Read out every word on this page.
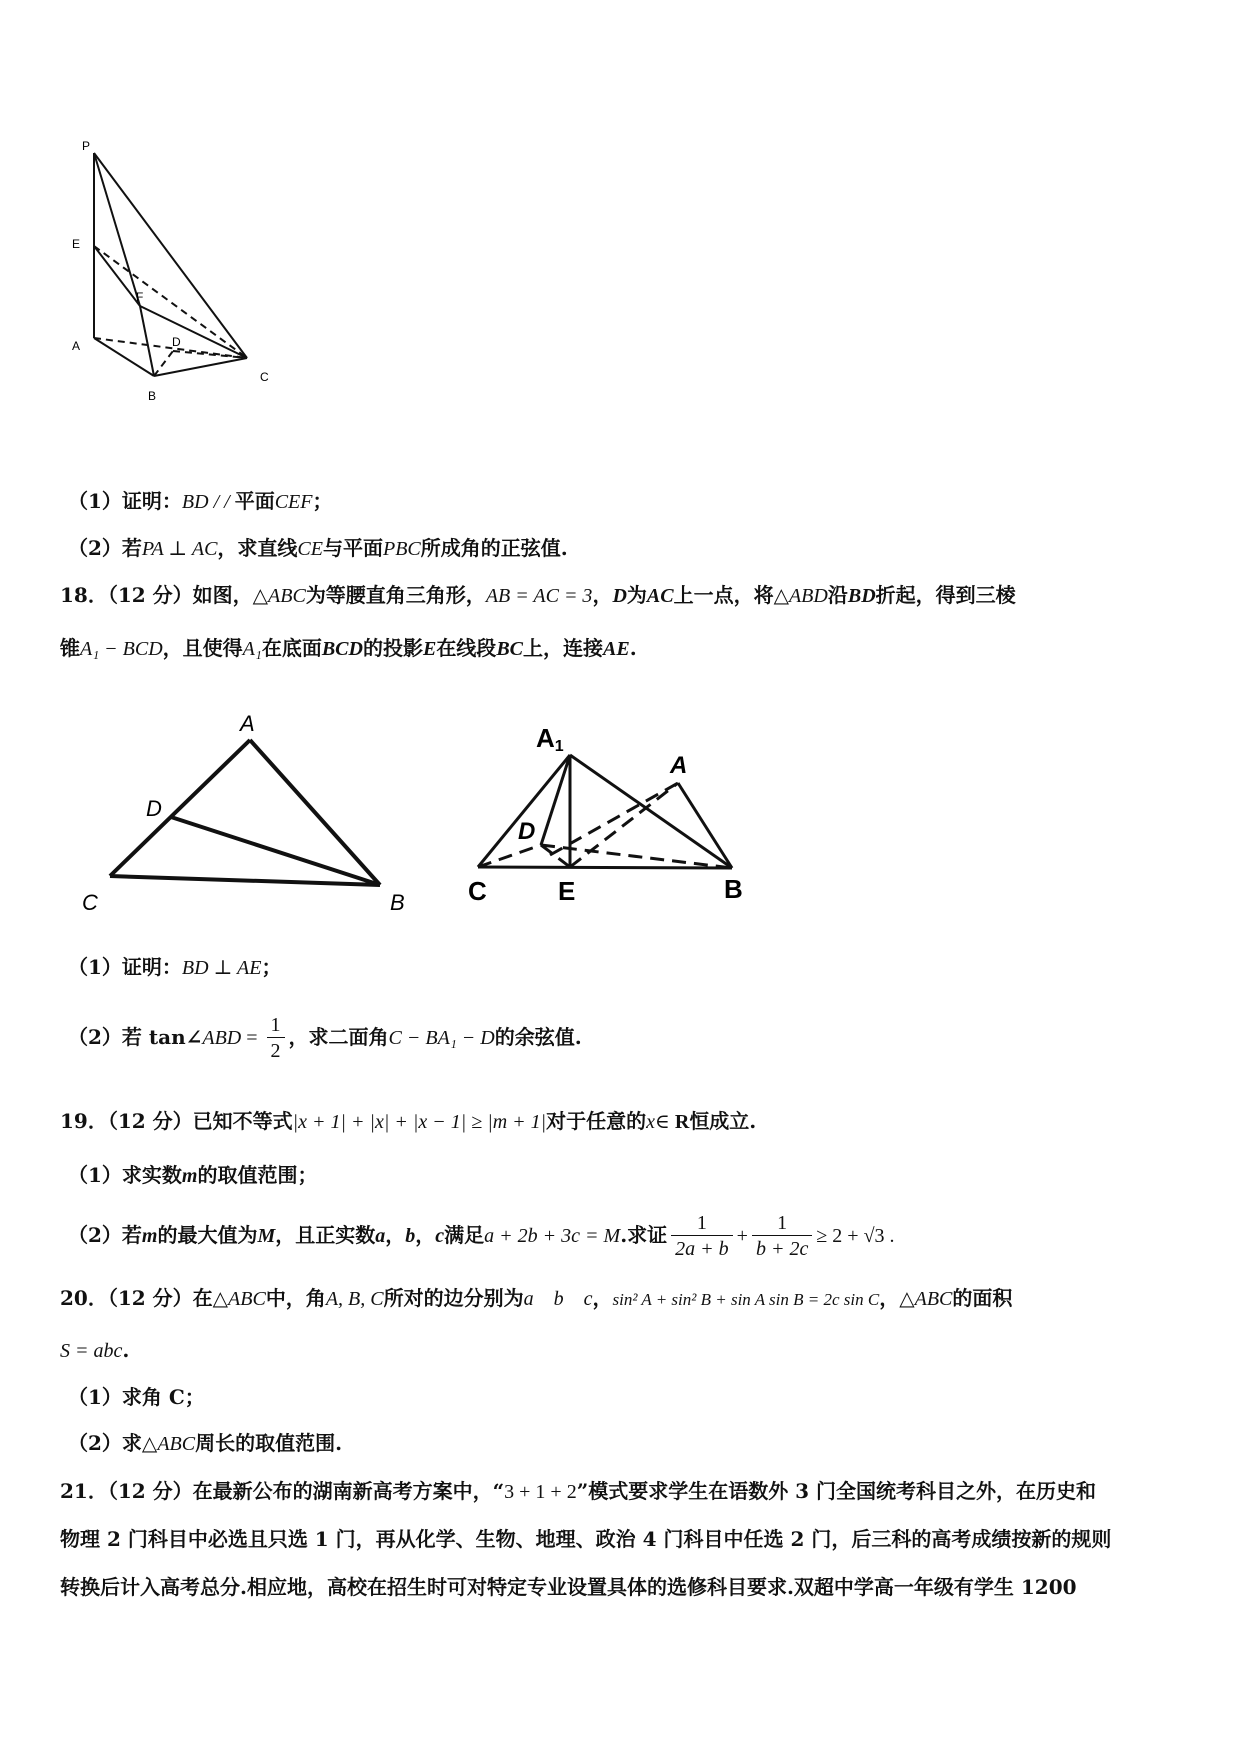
P
E
F
A	D
B
C
（1）证明：BD / / 平面CEF；
（2）若PA ⊥ AC，求直线CE与平面PBC所成角的正弦值.
18．（12 分）如图，△ABC为等腰直角三角形，AB = AC = 3，D为AC上一点，将△ABD沿BD折起，得到三棱
锥A₁ − BCD，且使得A₁在底面BCD的投影E在线段BC上，连接AE.
A
D
C	B
A1
A
D
C	E	B
（1）证明：BD ⊥ AE；
（2）若 tan∠ABD = $\frac{1}{2}$ ，求二面角C − BA₁ − D的余弦值.
19．（12 分）已知不等式|x + 1| + |x| + |x − 1| ≥ |m + 1|对于任意的x∈ R恒成立.
（1）求实数m的取值范围；
（2）若m的最大值为M，且正实数a，b，c满足a + 2b + 3c = M.求证 $\frac{1}{2a + b} + \frac{1}{b + 2c} \ge 2 + √3$ .
20．（12 分）在△ABC中，角A, B, C所对的边分别为a    b    c，sin² A + sin² B + sin A sin B = 2c sin C，△ABC的面积
S = abc.
（1）求角 C；
（2）求△ABC周长的取值范围.
21．（12 分）在最新公布的湖南新高考方案中，“3 + 1 + 2”模式要求学生在语数外 3 门全国统考科目之外，在历史和
物理 2 门科目中必选且只选 1 门，再从化学、生物、地理、政治 4 门科目中任选 2 门，后三科的高考成绩按新的规则
转换后计入高考总分.相应地，高校在招生时可对特定专业设置具体的选修科目要求.双超中学高一年级有学生 1200
